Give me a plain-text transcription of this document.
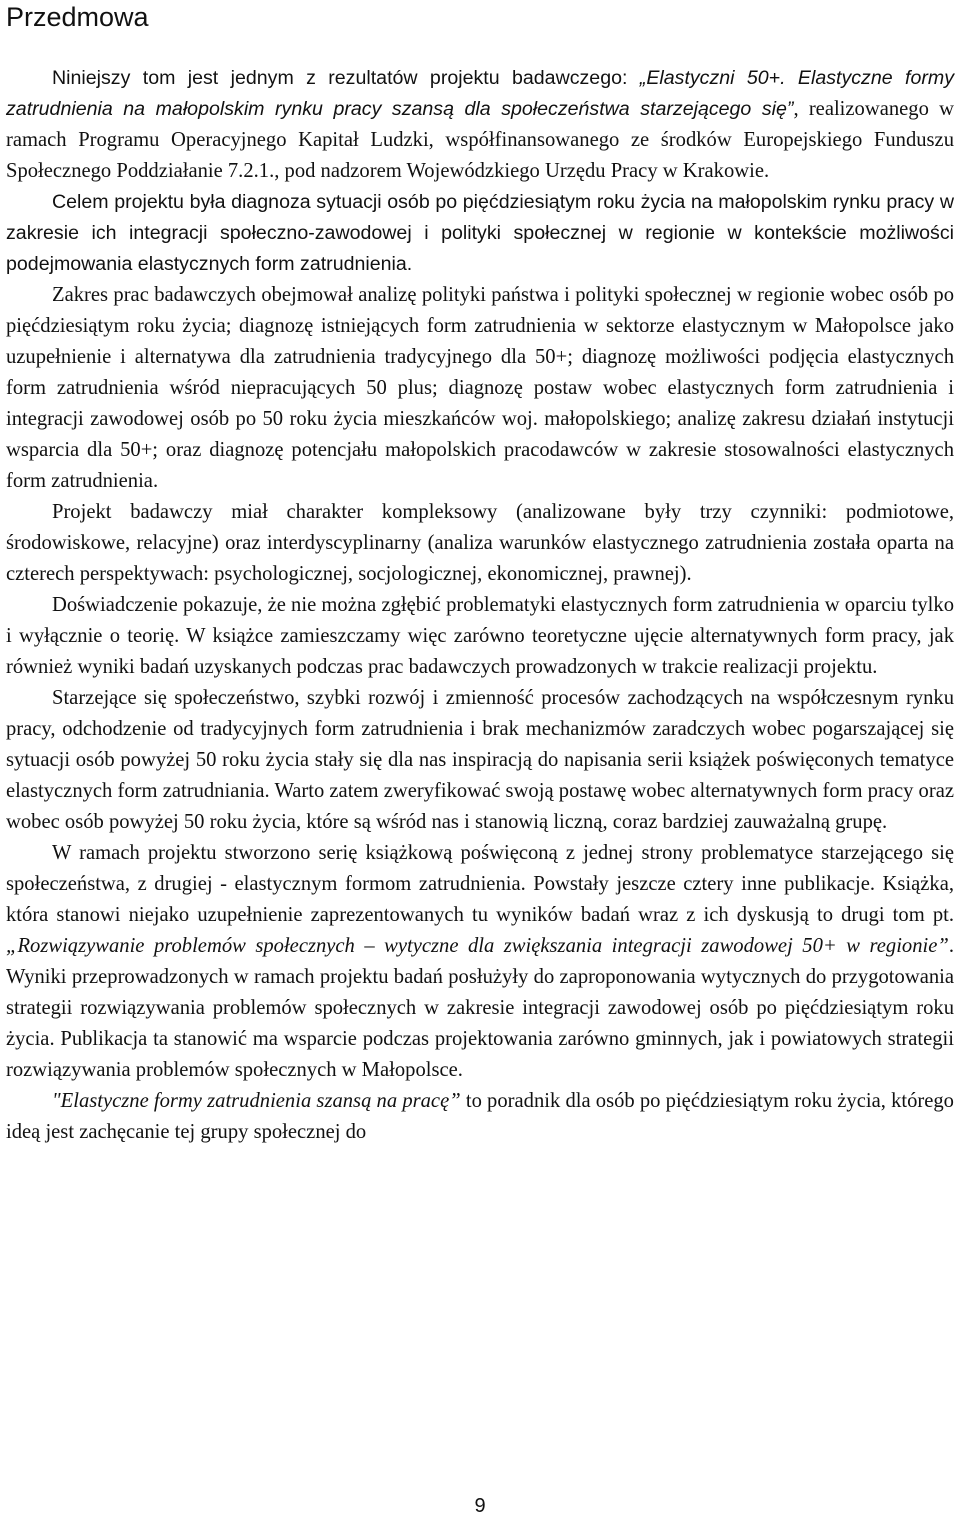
Przedmowa

Niniejszy tom jest jednym z rezultatów projektu badawczego: „Elastyczni 50+. Elastyczne formy zatrudnienia na małopolskim rynku pracy szansą dla społeczeństwa starzejącego się”, realizowanego w ramach Programu Operacyjnego Kapitał Ludzki, współfinansowanego ze środków Europejskiego Funduszu Społecznego Poddziałanie 7.2.1., pod nadzorem Wojewódzkiego Urzędu Pracy w Krakowie.

Celem projektu była diagnoza sytuacji osób po pięćdziesiątym roku życia na małopolskim rynku pracy w zakresie ich integracji społeczno-zawodowej i polityki społecznej w regionie w kontekście możliwości podejmowania elastycznych form zatrudnienia.

Zakres prac badawczych obejmował analizę polityki państwa i polityki społecznej w regionie wobec osób po pięćdziesiątym roku życia; diagnozę istniejących form zatrudnienia w sektorze elastycznym w Małopolsce jako uzupełnienie i alternatywa dla zatrudnienia tradycyjnego dla 50+; diagnozę możliwości podjęcia elastycznych form zatrudnienia wśród niepracujących 50 plus; diagnozę postaw wobec elastycznych form zatrudnienia i integracji zawodowej osób po 50 roku życia mieszkańców woj. małopolskiego; analizę zakresu działań instytucji wsparcia dla 50+; oraz diagnozę potencjału małopolskich pracodawców w zakresie stosowalności elastycznych form zatrudnienia.

Projekt badawczy miał charakter kompleksowy (analizowane były trzy czynniki: podmiotowe, środowiskowe, relacyjne) oraz interdyscyplinarny (analiza warunków elastycznego zatrudnienia została oparta na czterech perspektywach: psychologicznej, socjologicznej, ekonomicznej, prawnej).

Doświadczenie pokazuje, że nie można zgłębić problematyki elastycznych form zatrudnienia w oparciu tylko i wyłącznie o teorię. W książce zamieszczamy więc zarówno teoretyczne ujęcie alternatywnych form pracy, jak również wyniki badań uzyskanych podczas prac badawczych prowadzonych w trakcie realizacji projektu.

Starzejące się społeczeństwo, szybki rozwój i zmienność procesów zachodzących na współczesnym rynku pracy, odchodzenie od tradycyjnych form zatrudnienia i brak mechanizmów zaradczych wobec pogarszającej się sytuacji osób powyżej 50 roku życia stały się dla nas inspiracją do napisania serii książek poświęconych tematyce elastycznych form zatrudniania. Warto zatem zweryfikować swoją postawę wobec alternatywnych form pracy oraz wobec osób powyżej 50 roku życia, które są wśród nas i stanowią liczną, coraz bardziej zauważalną grupę.

W ramach projektu stworzono serię książkową poświęconą z jednej strony problematyce starzejącego się społeczeństwa, z drugiej - elastycznym formom zatrudnienia. Powstały jeszcze cztery inne publikacje. Książka, która stanowi niejako uzupełnienie zaprezentowanych tu wyników badań wraz z ich dyskusją to drugi tom pt. „Rozwiązywanie problemów społecznych – wytyczne dla zwiększania integracji zawodowej 50+ w regionie”. Wyniki przeprowadzonych w ramach projektu badań posłużyły do zaproponowania wytycznych do przygotowania strategii rozwiązywania problemów społecznych w zakresie integracji zawodowej osób po pięćdziesiątym roku życia. Publikacja ta stanowić ma wsparcie podczas projektowania zarówno gminnych, jak i powiatowych strategii rozwiązywania problemów społecznych w Małopolsce.

"Elastyczne formy zatrudnienia szansą na pracę” to poradnik dla osób po pięćdziesiątym roku życia, którego ideą jest zachęcanie tej grupy społecznej do

9
